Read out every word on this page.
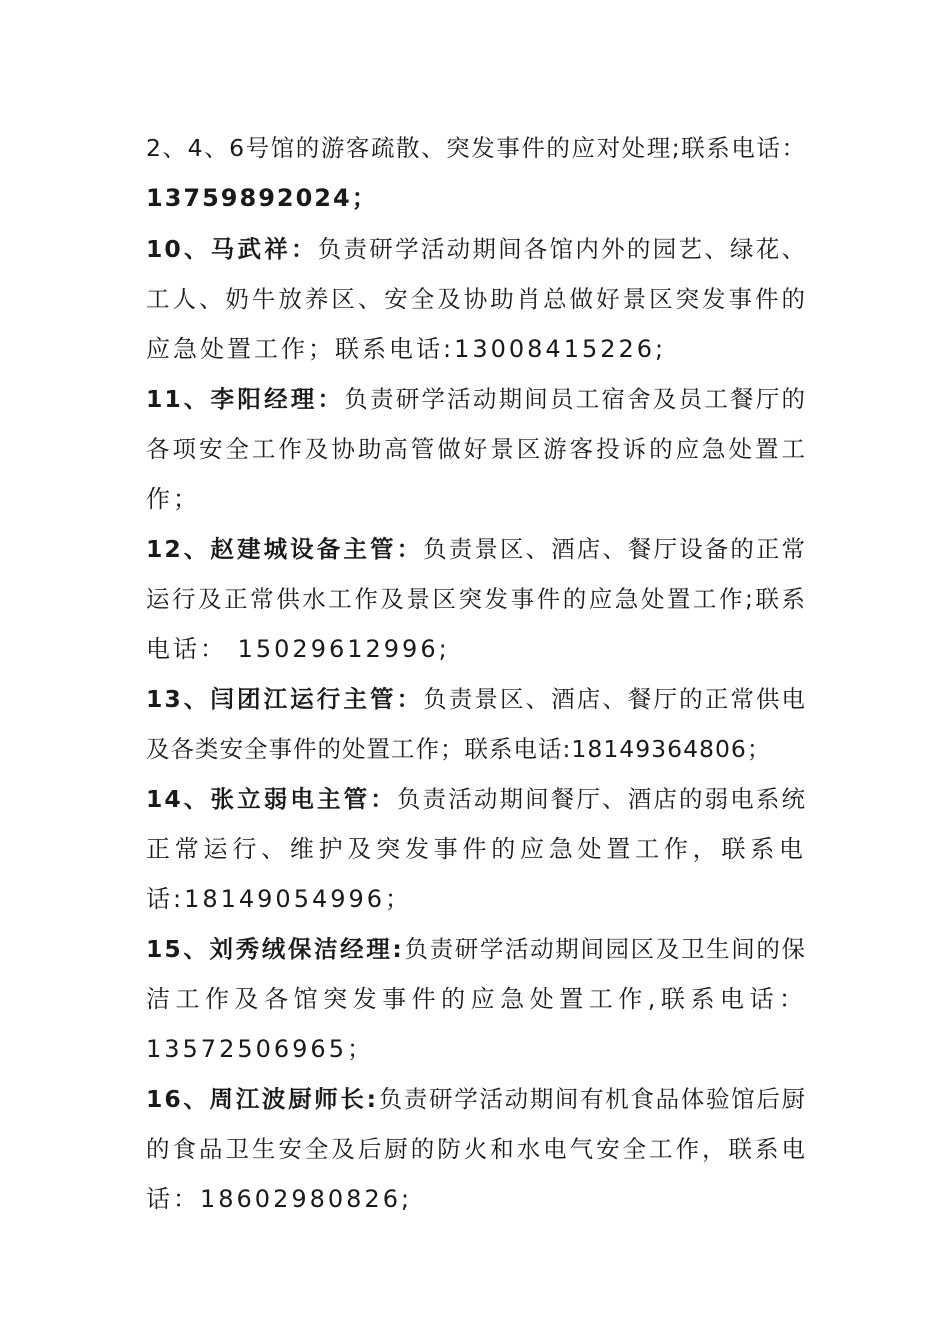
2、4、6号馆的游客疏散、突发事件的应对处理;联系电话：
13759892024；
10、马武祥：负责研学活动期间各馆内外的园艺、绿花、
工人、奶牛放养区、安全及协助肖总做好景区突发事件的
应急处置工作；联系电话:13008415226;
11、李阳经理：负责研学活动期间员工宿舍及员工餐厅的
各项安全工作及协助高管做好景区游客投诉的应急处置工
作；
12、赵建城设备主管：负责景区、酒店、餐厅设备的正常
运行及正常供水工作及景区突发事件的应急处置工作;联系
电话： 15029612996;
13、闫团江运行主管：负责景区、酒店、餐厅的正常供电
及各类安全事件的处置工作；联系电话:18149364806；
14、张立弱电主管：负责活动期间餐厅、酒店的弱电系统
正常运行、维护及突发事件的应急处置工作，联系电
话:18149054996；
15、刘秀绒保洁经理:负责研学活动期间园区及卫生间的保
洁工作及各馆突发事件的应急处置工作,联系电话：
13572506965；
16、周江波厨师长:负责研学活动期间有机食品体验馆后厨
的食品卫生安全及后厨的防火和水电气安全工作，联系电
话：18602980826;
